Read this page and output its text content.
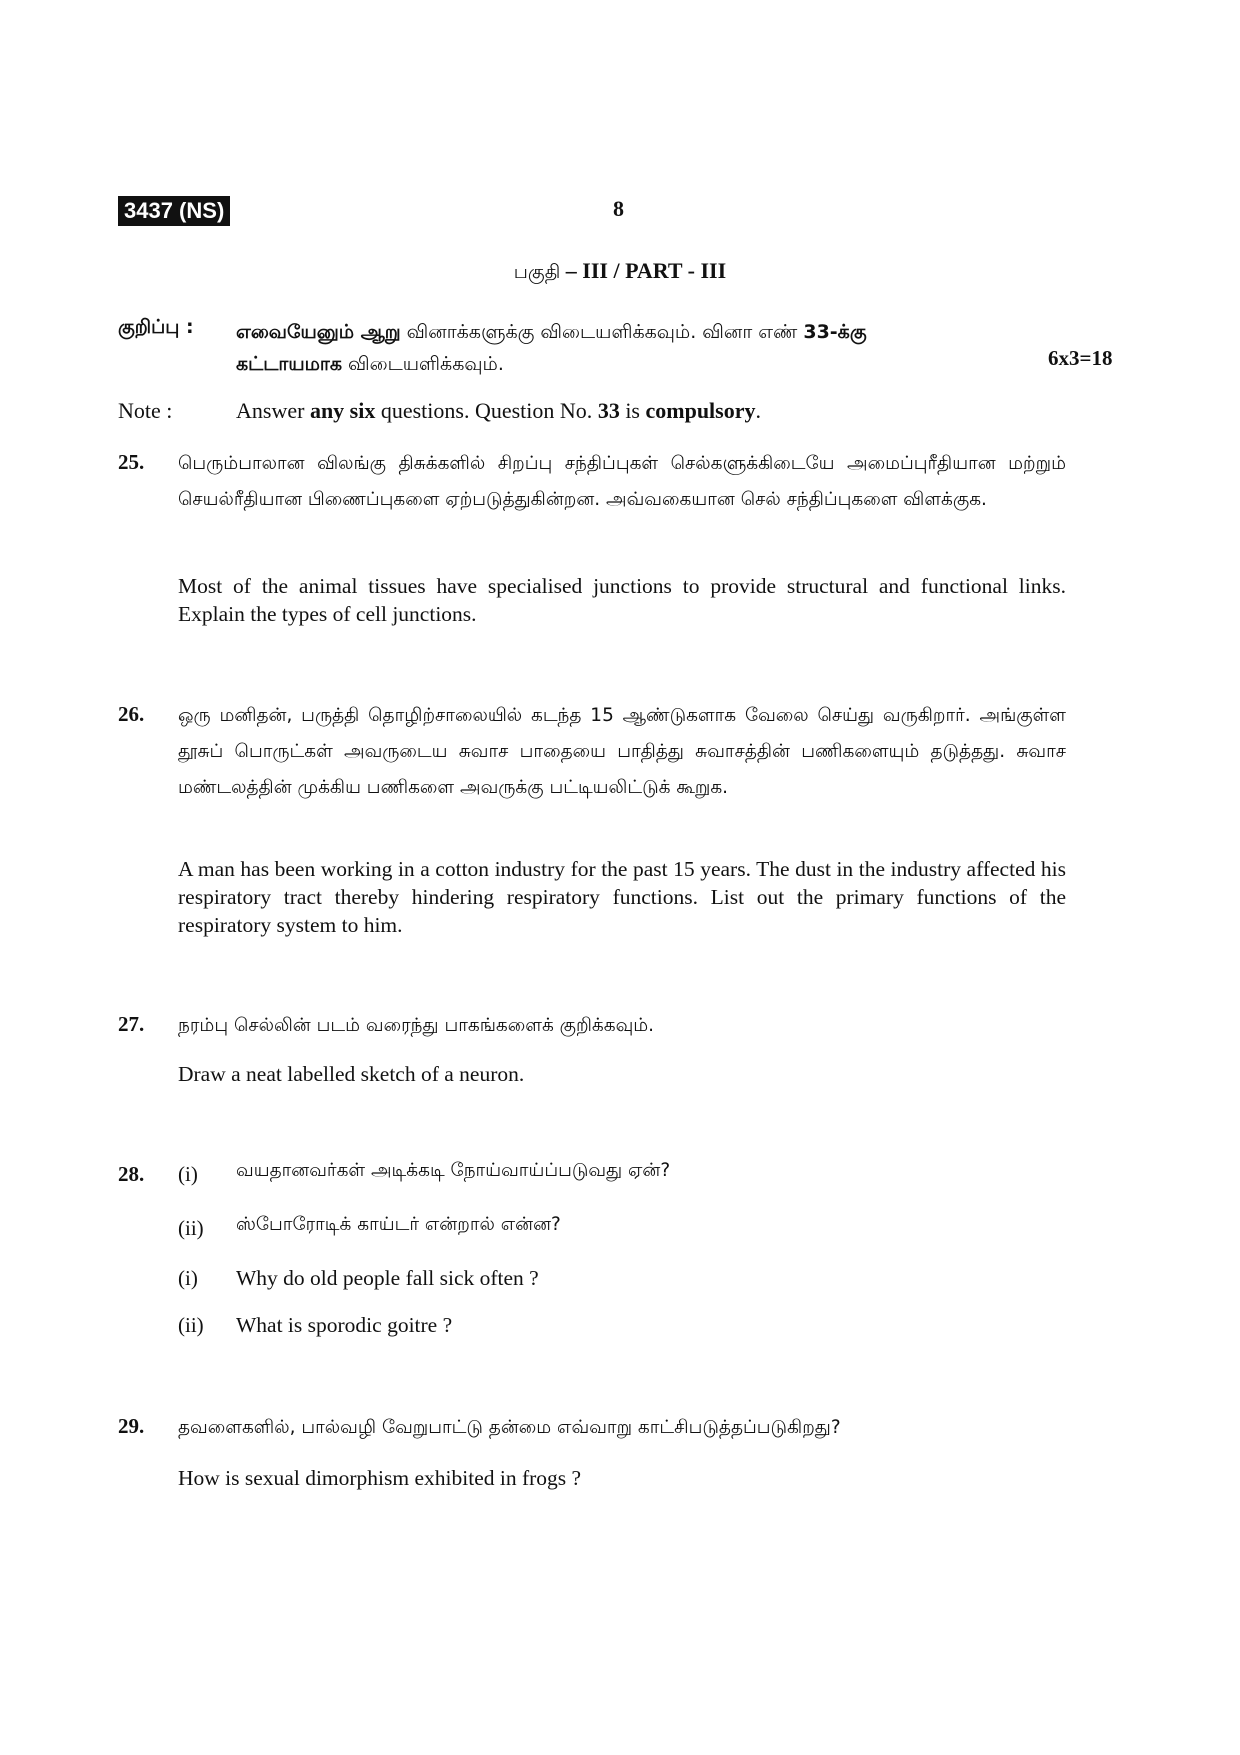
3437 (NS)	8
பகுதி – III / PART - III
குறிப்பு : எவையேனும் ஆறு வினாக்களுக்கு விடையளிக்கவும். வினா எண் 33-க்கு
கட்டாயமாக விடையளிக்கவும்.	6x3=18
Note :	Answer any six questions. Question No. 33 is compulsory.
25. பெரும்பாலான விலங்கு திசுக்களில் சிறப்பு சந்திப்புகள் செல்களுக்கிடையே அமைப்புரீதியான மற்றும் செயல்ரீதியான பிணைப்புகளை ஏற்படுத்துகின்றன. அவ்வகையான செல் சந்திப்புகளை விளக்குக.
Most of the animal tissues have specialised junctions to provide structural and functional links. Explain the types of cell junctions.
26. ஒரு மனிதன், பருத்தி தொழிற்சாலையில் கடந்த 15 ஆண்டுகளாக வேலை செய்து வருகிறார். அங்குள்ள தூசுப் பொருட்கள் அவருடைய சுவாச பாதையை பாதித்து சுவாசத்தின் பணிகளையும் தடுத்தது. சுவாச மண்டலத்தின் முக்கிய பணிகளை அவருக்கு பட்டியலிட்டுக் கூறுக.
A man has been working in a cotton industry for the past 15 years. The dust in the industry affected his respiratory tract thereby hindering respiratory functions. List out the primary functions of the respiratory system to him.
27. நரம்பு செல்லின் படம் வரைந்து பாகங்களைக் குறிக்கவும்.
Draw a neat labelled sketch of a neuron.
28. (i) வயதானவர்கள் அடிக்கடி நோய்வாய்ப்படுவது ஏன்?
(ii) ஸ்போரோடிக் காய்டர் என்றால் என்ன?
(i) Why do old people fall sick often ?
(ii) What is sporodic goitre ?
29. தவளைகளில், பால்வழி வேறுபாட்டு தன்மை எவ்வாறு காட்சிபடுத்தப்படுகிறது?
How is sexual dimorphism exhibited in frogs ?
